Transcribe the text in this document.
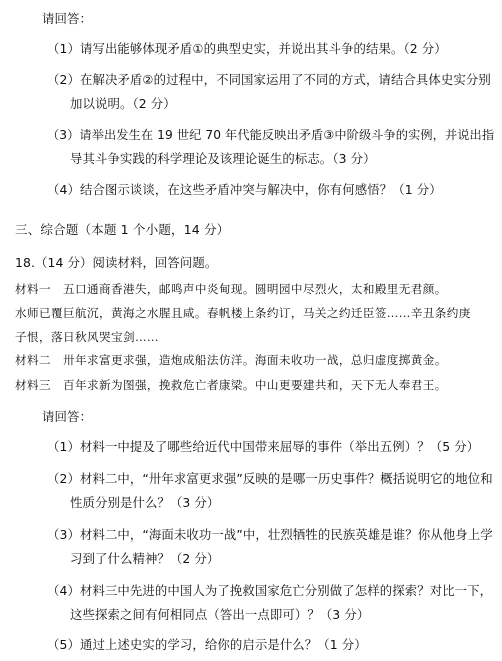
请回答：
（1）请写出能够体现矛盾①的典型史实，并说出其斗争的结果。（2 分）
（2）在解决矛盾②的过程中，不同国家运用了不同的方式，请结合具体史实分别
加以说明。（2 分）
（3）请举出发生在 19 世纪 70 年代能反映出矛盾③中阶级斗争的实例，并说出指
导其斗争实践的科学理论及该理论诞生的标志。（3 分）
（4）结合图示谈谈，在这些矛盾冲突与解决中，你有何感悟？（1 分）
三、综合题（本题 1 个小题，14 分）
18.（14 分）阅读材料，回答问题。
材料一　五口通商香港失，邮鸣声中炎甸现。圆明园中尽烈火，太和殿里无君颜。
水师已覆巨航沉，黄海之水腥且咸。春帆楼上条约订，马关之约迁臣签……辛丑条约庚
子恨，落日秋风哭宝剑……
材料二　卅年求富更求强，造炮成船法仿洋。海面未收功一战，总归虚度掷黄金。
材料三　百年求新为图强，挽救危亡者康梁。中山更要建共和，天下无人奉君王。
请回答：
（1）材料一中提及了哪些给近代中国带来屈辱的事件（举出五例）？（5 分）
（2）材料二中，“卅年求富更求强”反映的是哪一历史事件？概括说明它的地位和
性质分别是什么？（3 分）
（3）材料二中，“海面未收功一战”中，壮烈牺牲的民族英雄是谁？你从他身上学
习到了什么精神？（2 分）
（4）材料三中先进的中国人为了挽救国家危亡分别做了怎样的探索？对比一下，
这些探索之间有何相同点（答出一点即可）？（3 分）
（5）通过上述史实的学习，给你的启示是什么？（1 分）
